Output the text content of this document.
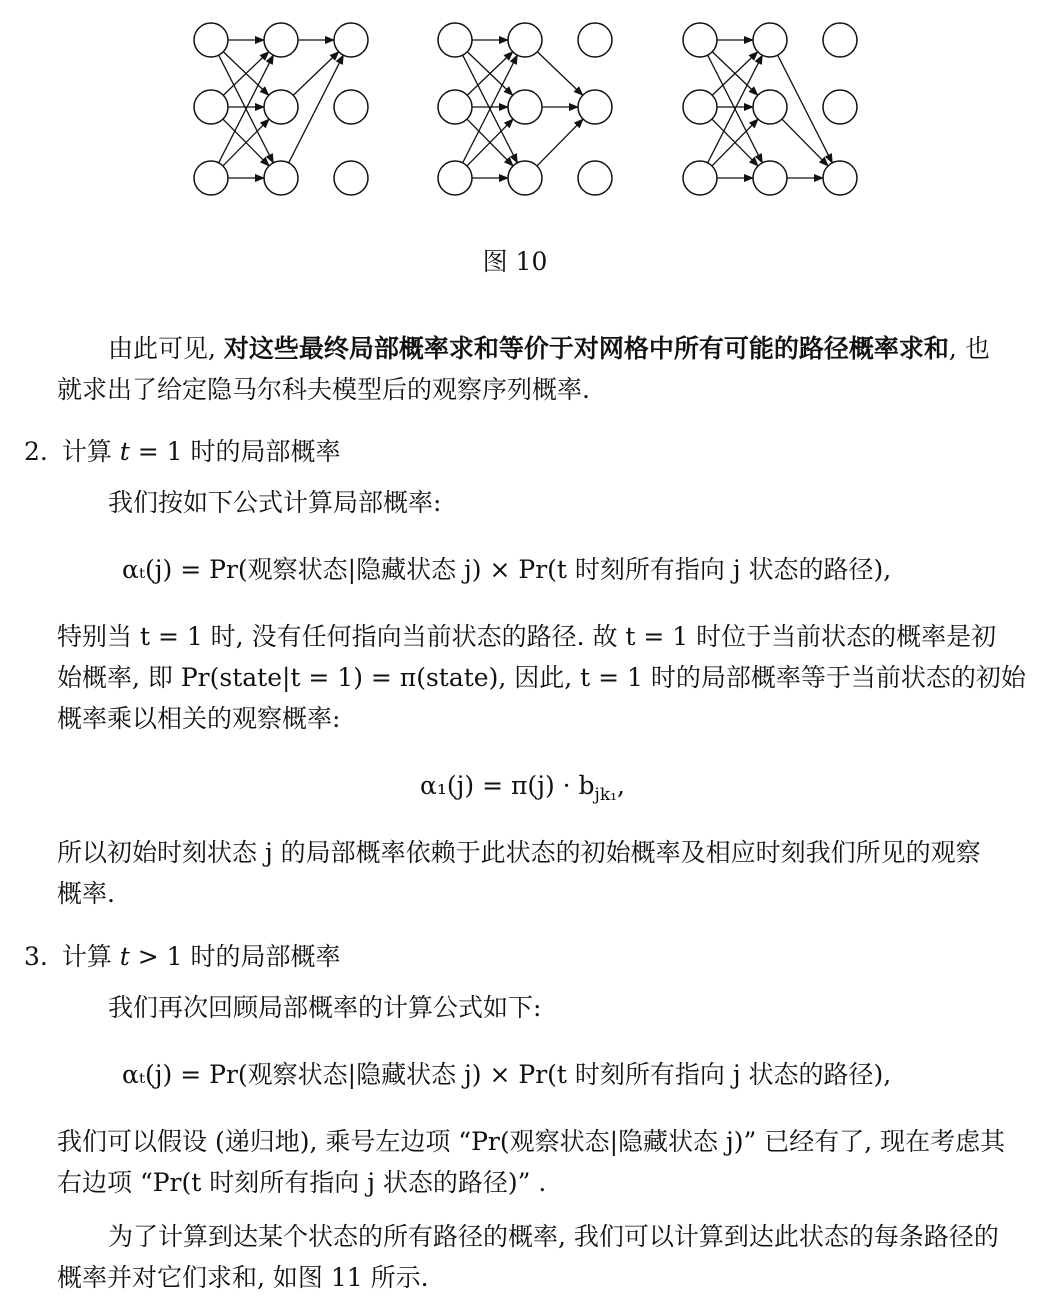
图 10
由此可见, 对这些最终局部概率求和等价于对网格中所有可能的路径概率求和, 也
就求出了给定隐马尔科夫模型后的观察序列概率.
2. 计算 t = 1 时的局部概率
我们按如下公式计算局部概率:
αₜ(j) = Pr(观察状态|隐藏状态 j) × Pr(t 时刻所有指向 j 状态的路径),
特别当 t = 1 时, 没有任何指向当前状态的路径. 故 t = 1 时位于当前状态的概率是初
始概率, 即 Pr(state|t = 1) = π(state), 因此, t = 1 时的局部概率等于当前状态的初始
概率乘以相关的观察概率:
$\alpha_1(j) = \pi(j) \cdot b_{jk_1}$,
所以初始时刻状态 j 的局部概率依赖于此状态的初始概率及相应时刻我们所见的观察
概率.
3. 计算 t > 1 时的局部概率
我们再次回顾局部概率的计算公式如下:
αₜ(j) = Pr(观察状态|隐藏状态 j) × Pr(t 时刻所有指向 j 状态的路径),
我们可以假设 (递归地), 乘号左边项 “Pr(观察状态|隐藏状态 j)” 已经有了, 现在考虑其
右边项 “Pr(t 时刻所有指向 j 状态的路径)” .
为了计算到达某个状态的所有路径的概率, 我们可以计算到达此状态的每条路径的
概率并对它们求和, 如图 11 所示.
